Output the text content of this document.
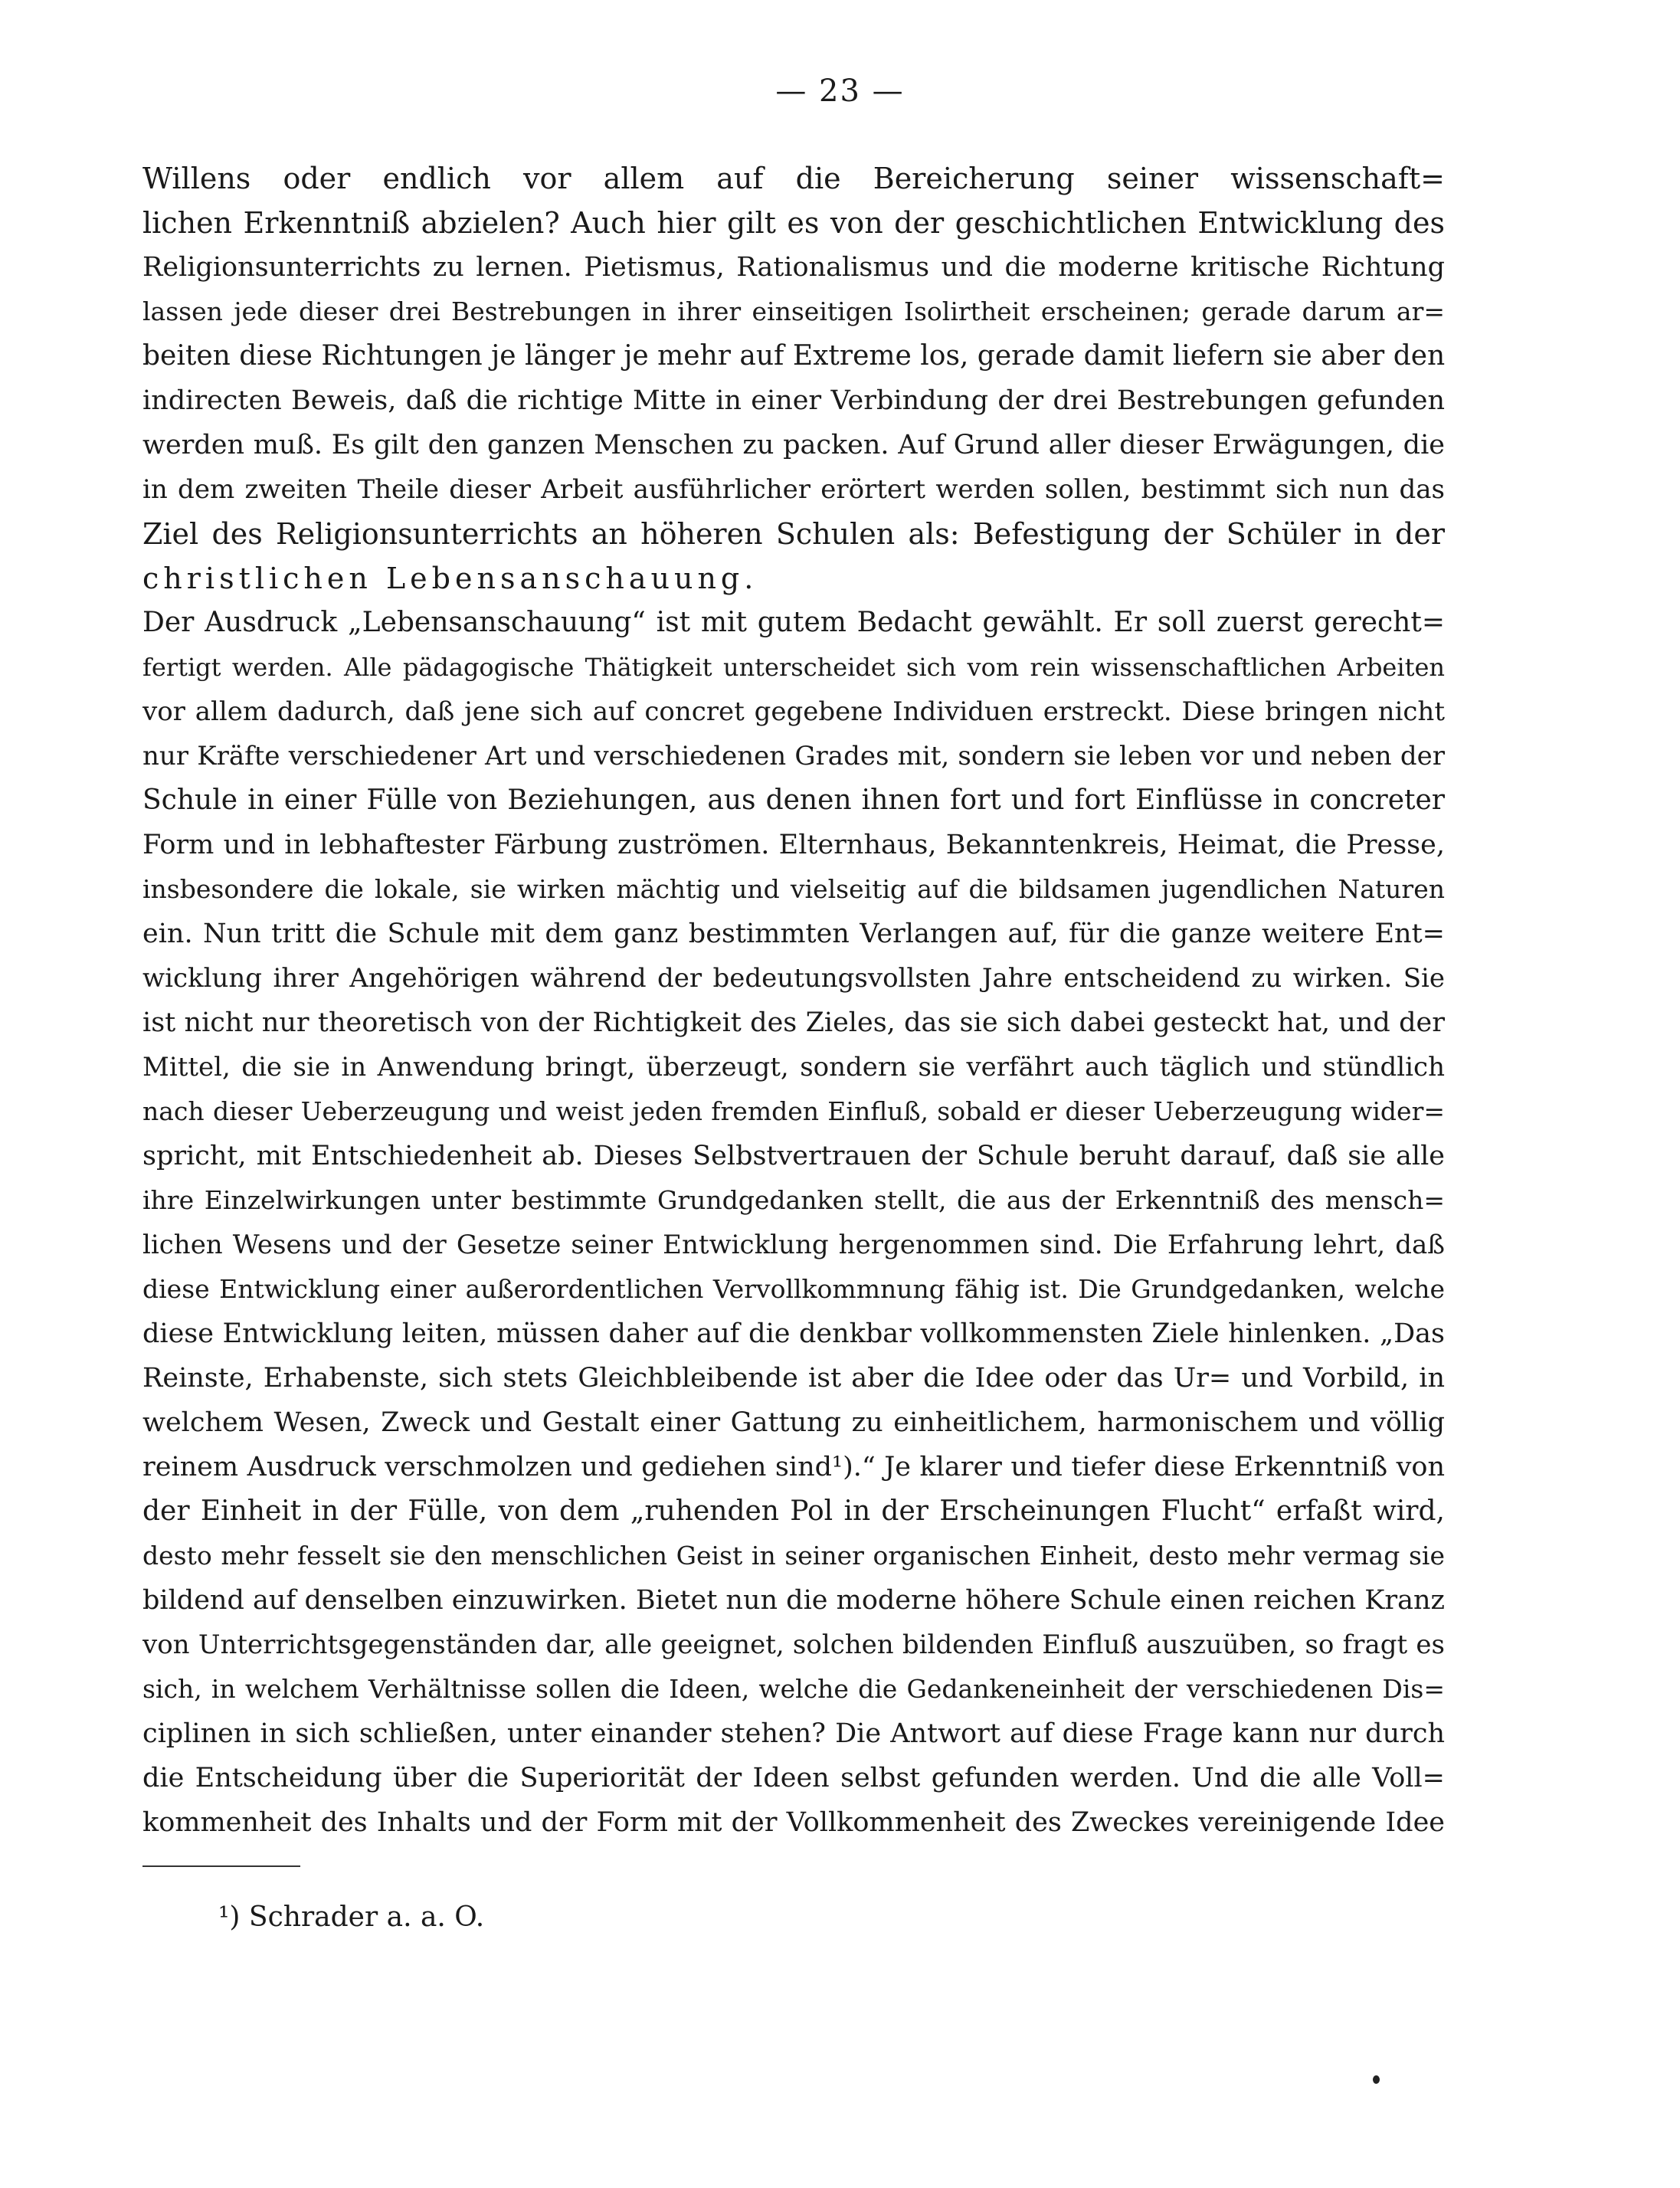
— 23 —
Willens oder endlich vor allem auf die Bereicherung seiner wissenschaft=
lichen Erkenntniß abzielen? Auch hier gilt es von der geschichtlichen Entwicklung des
Religionsunterrichts zu lernen. Pietismus, Rationalismus und die moderne kritische Richtung
lassen jede dieser drei Bestrebungen in ihrer einseitigen Isolirtheit erscheinen; gerade darum ar=
beiten diese Richtungen je länger je mehr auf Extreme los, gerade damit liefern sie aber den
indirecten Beweis, daß die richtige Mitte in einer Verbindung der drei Bestrebungen gefunden
werden muß. Es gilt den ganzen Menschen zu packen. Auf Grund aller dieser Erwägungen, die
in dem zweiten Theile dieser Arbeit ausführlicher erörtert werden sollen, bestimmt sich nun das
Ziel des Religionsunterrichts an höheren Schulen als: Befestigung der Schüler in der
christlichen Lebensanschauung.
Der Ausdruck „Lebensanschauung“ ist mit gutem Bedacht gewählt. Er soll zuerst gerecht=
fertigt werden. Alle pädagogische Thätigkeit unterscheidet sich vom rein wissenschaftlichen Arbeiten
vor allem dadurch, daß jene sich auf concret gegebene Individuen erstreckt. Diese bringen nicht
nur Kräfte verschiedener Art und verschiedenen Grades mit, sondern sie leben vor und neben der
Schule in einer Fülle von Beziehungen, aus denen ihnen fort und fort Einflüsse in concreter
Form und in lebhaftester Färbung zuströmen. Elternhaus, Bekanntenkreis, Heimat, die Presse,
insbesondere die lokale, sie wirken mächtig und vielseitig auf die bildsamen jugendlichen Naturen
ein. Nun tritt die Schule mit dem ganz bestimmten Verlangen auf, für die ganze weitere Ent=
wicklung ihrer Angehörigen während der bedeutungsvollsten Jahre entscheidend zu wirken. Sie
ist nicht nur theoretisch von der Richtigkeit des Zieles, das sie sich dabei gesteckt hat, und der
Mittel, die sie in Anwendung bringt, überzeugt, sondern sie verfährt auch täglich und stündlich
nach dieser Ueberzeugung und weist jeden fremden Einfluß, sobald er dieser Ueberzeugung wider=
spricht, mit Entschiedenheit ab. Dieses Selbstvertrauen der Schule beruht darauf, daß sie alle
ihre Einzelwirkungen unter bestimmte Grundgedanken stellt, die aus der Erkenntniß des mensch=
lichen Wesens und der Gesetze seiner Entwicklung hergenommen sind. Die Erfahrung lehrt, daß
diese Entwicklung einer außerordentlichen Vervollkommnung fähig ist. Die Grundgedanken, welche
diese Entwicklung leiten, müssen daher auf die denkbar vollkommensten Ziele hinlenken. „Das
Reinste, Erhabenste, sich stets Gleichbleibende ist aber die Idee oder das Ur= und Vorbild, in
welchem Wesen, Zweck und Gestalt einer Gattung zu einheitlichem, harmonischem und völlig
reinem Ausdruck verschmolzen und gediehen sind¹).“ Je klarer und tiefer diese Erkenntniß von
der Einheit in der Fülle, von dem „ruhenden Pol in der Erscheinungen Flucht“ erfaßt wird,
desto mehr fesselt sie den menschlichen Geist in seiner organischen Einheit, desto mehr vermag sie
bildend auf denselben einzuwirken. Bietet nun die moderne höhere Schule einen reichen Kranz
von Unterrichtsgegenständen dar, alle geeignet, solchen bildenden Einfluß auszuüben, so fragt es
sich, in welchem Verhältnisse sollen die Ideen, welche die Gedankeneinheit der verschiedenen Dis=
ciplinen in sich schließen, unter einander stehen? Die Antwort auf diese Frage kann nur durch
die Entscheidung über die Superiorität der Ideen selbst gefunden werden. Und die alle Voll=
kommenheit des Inhalts und der Form mit der Vollkommenheit des Zweckes vereinigende Idee
¹) Schrader a. a. O.
